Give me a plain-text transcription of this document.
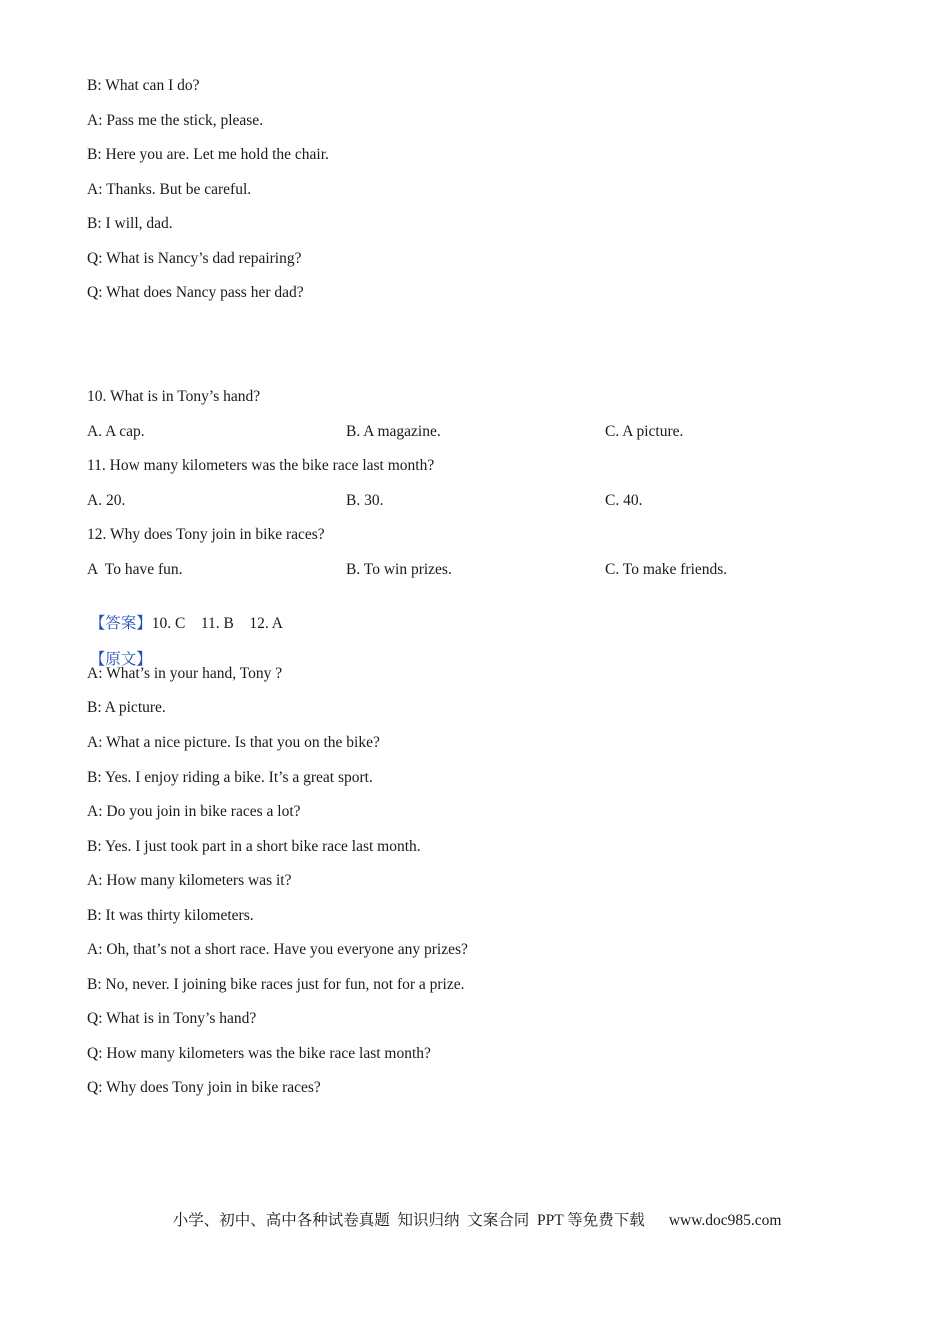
B: What can I do?
A: Pass me the stick, please.
B: Here you are. Let me hold the chair.
A: Thanks. But be careful.
B: I will, dad.
Q: What is Nancy’s dad repairing?
Q: What does Nancy pass her dad?
10. What is in Tony’s hand?
A. A cap.	B. A magazine.	C. A picture.
11. How many kilometers was the bike race last month?
A. 20.	B. 30.	C. 40.
12. Why does Tony join in bike races?
A  To have fun.	B. To win prizes.	C. To make friends.

【答案】10. C    11. B    12. A

【原文】

A: What’s in your hand, Tony ?
B: A picture.
A: What a nice picture. Is that you on the bike?
B: Yes. I enjoy riding a bike. It’s a great sport.
A: Do you join in bike races a lot?
B: Yes. I just took part in a short bike race last month.
A: How many kilometers was it?
B: It was thirty kilometers.
A: Oh, that’s not a short race. Have you everyone any prizes?
B: No, never. I joining bike races just for fun, not for a prize.
Q: What is in Tony’s hand?
Q: How many kilometers was the bike race last month?
Q: Why does Tony join in bike races?

小学、初中、高中各种试卷真题  知识归纳  文案合同  PPT 等免费下载 www.doc985.com
